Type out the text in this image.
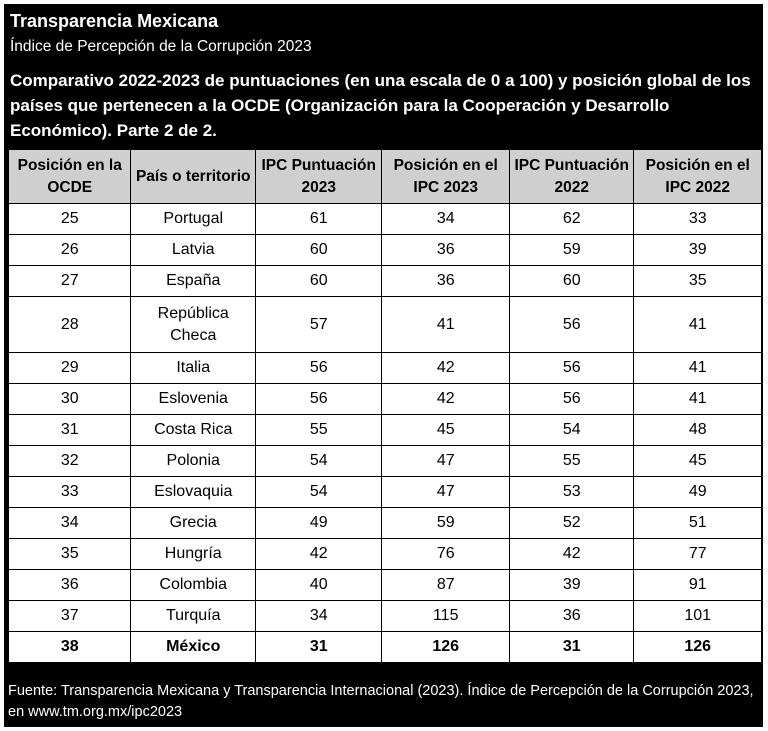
Transparencia Mexicana
Índice de Percepción de la Corrupción 2023
Comparativo 2022-2023 de puntuaciones (en una escala de 0 a 100) y posición global de los países que pertenecen a la OCDE (Organización para la Cooperación y Desarrollo Económico). Parte 2 de 2.
Posición en la OCDE	País o territorio	IPC Puntuación 2023	Posición en el IPC 2023	IPC Puntuación 2022	Posición en el IPC 2022
25	Portugal	61	34	62	33
26	Latvia	60	36	59	39
27	España	60	36	60	35
28	República Checa	57	41	56	41
29	Italia	56	42	56	41
30	Eslovenia	56	42	56	41
31	Costa Rica	55	45	54	48
32	Polonia	54	47	55	45
33	Eslovaquia	54	47	53	49
34	Grecia	49	59	52	51
35	Hungría	42	76	42	77
36	Colombia	40	87	39	91
37	Turquía	34	115	36	101
38	México	31	126	31	126
Fuente: Transparencia Mexicana y Transparencia Internacional (2023). Índice de Percepción de la Corrupción 2023, en www.tm.org.mx/ipc2023
